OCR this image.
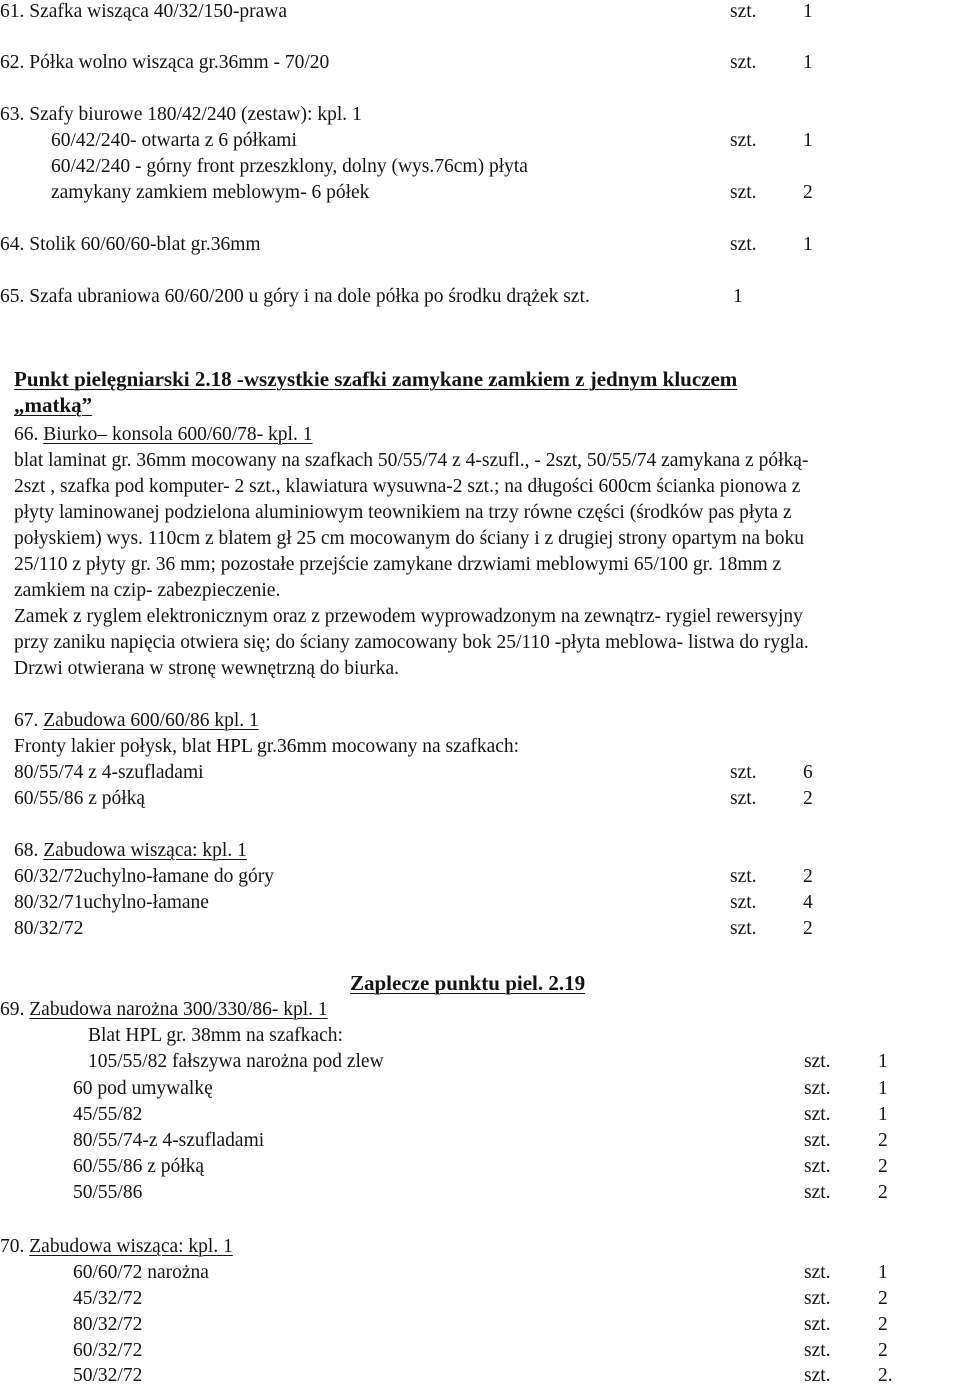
61. Szafka wisząca 40/32/150-prawa	szt. 1
62. Półka wolno wisząca gr.36mm - 70/20	szt. 1
63. Szafy biurowe 180/42/240 (zestaw): kpl. 1
60/42/240- otwarta z 6 półkami	szt. 1
60/42/240 - górny front przeszklony, dolny (wys.76cm) płyta
zamykany zamkiem meblowym- 6 półek	szt. 2
64. Stolik 60/60/60-blat gr.36mm	szt. 1
65. Szafa ubraniowa 60/60/200 u góry i na dole półka po środku drążek szt.	1
Punkt pielęgniarski 2.18 -wszystkie szafki zamykane zamkiem z jednym kluczem
„matką”
66. Biurko– konsola 600/60/78- kpl. 1
blat laminat gr. 36mm mocowany na szafkach 50/55/74 z 4-szufl., - 2szt, 50/55/74 zamykana z półką-
2szt , szafka pod komputer- 2 szt., klawiatura wysuwna-2 szt.; na długości 600cm ścianka pionowa z
płyty laminowanej podzielona aluminiowym teownikiem na trzy równe części (środków pas płyta z
połyskiem) wys. 110cm z blatem gł 25 cm mocowanym do ściany i z drugiej strony opartym na boku
25/110 z płyty gr. 36 mm; pozostałe przejście zamykane drzwiami meblowymi 65/100 gr. 18mm z
zamkiem na czip- zabezpieczenie.
Zamek z ryglem elektronicznym oraz z przewodem wyprowadzonym na zewnątrz- rygiel rewersyjny
przy zaniku napięcia otwiera się; do ściany zamocowany bok 25/110 -płyta meblowa- listwa do rygla.
Drzwi otwierana w stronę wewnętrzną do biurka.
67. Zabudowa 600/60/86 kpl. 1
Fronty lakier połysk, blat HPL gr.36mm mocowany na szafkach:
80/55/74 z 4-szufladami	szt. 6
60/55/86 z półką	szt. 2
68. Zabudowa wisząca: kpl. 1
60/32/72uchylno-łamane do góry	szt. 2
80/32/71uchylno-łamane	szt. 4
80/32/72	szt. 2
Zaplecze punktu piel. 2.19
69. Zabudowa narożna 300/330/86- kpl. 1
Blat HPL gr. 38mm na szafkach:
105/55/82 fałszywa narożna pod zlew	szt. 1
60 pod umywalkę	szt. 1
45/55/82	szt. 1
80/55/74-z 4-szufladami	szt. 2
60/55/86 z półką	szt. 2
50/55/86	szt. 2
70. Zabudowa wisząca: kpl. 1
60/60/72 narożna	szt. 1
45/32/72	szt. 2
80/32/72	szt. 2
60/32/72	szt. 2
50/32/72	szt. 2.
